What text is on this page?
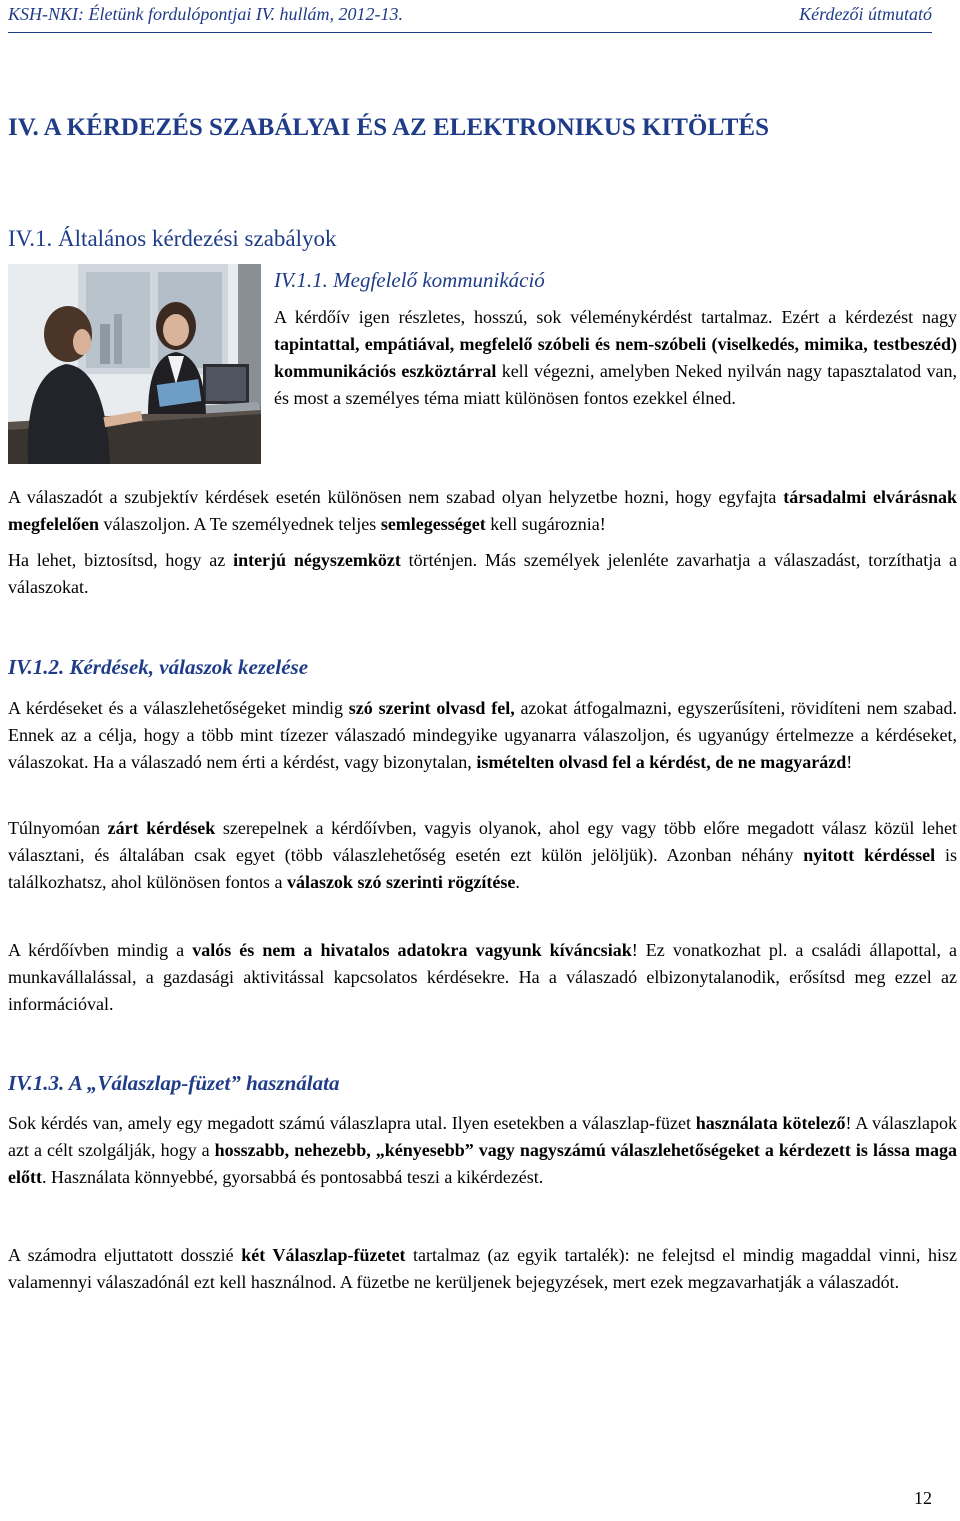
KSH-NKI: Életünk fordulópontjai IV. hullám, 2012-13.	Kérdezői útmutató
IV. A KÉRDEZÉS SZABÁLYAI ÉS AZ ELEKTRONIKUS KITÖLTÉS
IV.1. Általános kérdezési szabályok
IV.1.1. Megfelelő kommunikáció
A kérdőív igen részletes, hosszú, sok véleménykérdést tartalmaz. Ezért a kérdezést nagy tapintattal, empátiával, megfelelő szóbeli és nem-szóbeli (viselkedés, mimika, testbeszéd) kommunikációs eszköztárral kell végezni, amelyben Neked nyilván nagy tapasztalatod van, és most a személyes téma miatt különösen fontos ezekkel élned.
A válaszadót a szubjektív kérdések esetén különösen nem szabad olyan helyzetbe hozni, hogy egyfajta társadalmi elvárásnak megfelelően válaszoljon. A Te személyednek teljes semlegességet kell sugároznia!
Ha lehet, biztosítsd, hogy az interjú négyszemközt történjen. Más személyek jelenléte zavarhatja a válaszadást, torzíthatja a válaszokat.
IV.1.2. Kérdések, válaszok kezelése
A kérdéseket és a válaszlehetőségeket mindig szó szerint olvasd fel, azokat átfogalmazni, egyszerűsíteni, rövidíteni nem szabad. Ennek az a célja, hogy a több mint tízezer válaszadó mindegyike ugyanarra válaszoljon, és ugyanúgy értelmezze a kérdéseket, válaszokat. Ha a válaszadó nem érti a kérdést, vagy bizonytalan, ismételten olvasd fel a kérdést, de ne magyarázd!
Túlnyomóan zárt kérdések szerepelnek a kérdőívben, vagyis olyanok, ahol egy vagy több előre megadott válasz közül lehet választani, és általában csak egyet (több válaszlehetőség esetén ezt külön jelöljük). Azonban néhány nyitott kérdéssel is találkozhatsz, ahol különösen fontos a válaszok szó szerinti rögzítése.
A kérdőívben mindig a valós és nem a hivatalos adatokra vagyunk kíváncsiak! Ez vonatkozhat pl. a családi állapottal, a munkavállalással, a gazdasági aktivitással kapcsolatos kérdésekre. Ha a válaszadó elbizonytalanodik, erősítsd meg ezzel az információval.
IV.1.3. A „Válaszlap-füzet” használata
Sok kérdés van, amely egy megadott számú válaszlapra utal. Ilyen esetekben a válaszlap-füzet használata kötelező! A válaszlapok azt a célt szolgálják, hogy a hosszabb, nehezebb, „kényesebb” vagy nagyszámú válaszlehetőségeket a kérdezett is lássa maga előtt. Használata könnyebbé, gyorsabbá és pontosabbá teszi a kikérdezést.
A számodra eljuttatott dosszié két Válaszlap-füzetet tartalmaz (az egyik tartalék): ne felejtsd el mindig magaddal vinni, hisz valamennyi válaszadónál ezt kell használnod. A füzetbe ne kerüljenek bejegyzések, mert ezek megzavarhatják a válaszadót.
12
